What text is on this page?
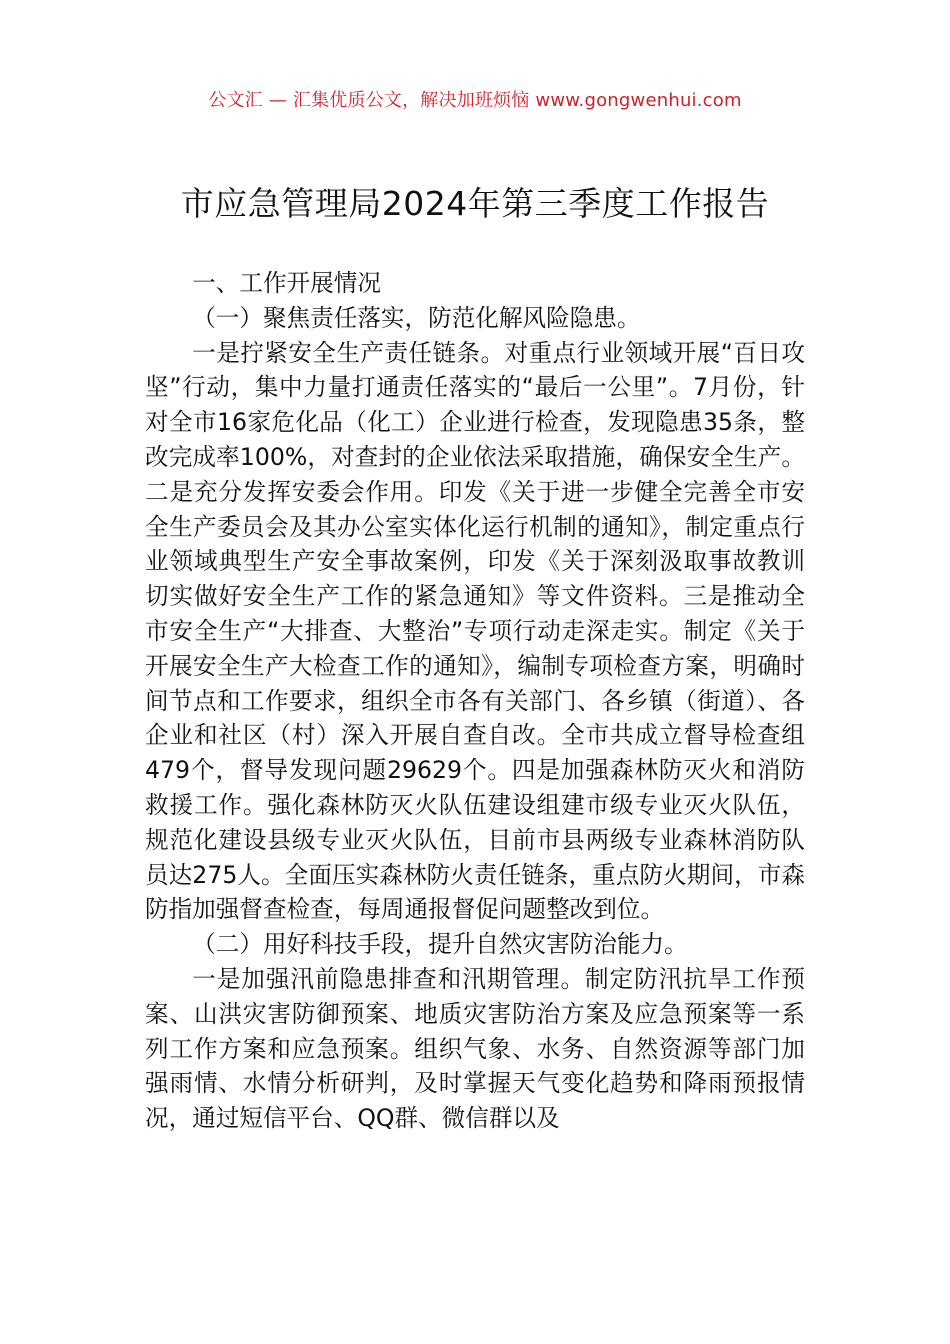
公文汇 — 汇集优质公文，解决加班烦恼 www.gongwenhui.com
市应急管理局2024年第三季度工作报告

一、工作开展情况

（一）聚焦责任落实，防范化解风险隐患。

一是拧紧安全生产责任链条。对重点行业领域开展“百日攻坚”行动，集中力量打通责任落实的“最后一公里”。7月份，针对全市16家危化品（化工）企业进行检查，发现隐患35条，整改完成率100%，对查封的企业依法采取措施，确保安全生产。二是充分发挥安委会作用。印发《关于进一步健全完善全市安全生产委员会及其办公室实体化运行机制的通知》，制定重点行业领域典型生产安全事故案例，印发《关于深刻汲取事故教训切实做好安全生产工作的紧急通知》等文件资料。三是推动全市安全生产“大排查、大整治”专项行动走深走实。制定《关于开展安全生产大检查工作的通知》，编制专项检查方案，明确时间节点和工作要求，组织全市各有关部门、各乡镇（街道）、各企业和社区（村）深入开展自查自改。全市共成立督导检查组479个，督导发现问题29629个。四是加强森林防灭火和消防救援工作。强化森林防灭火队伍建设组建市级专业灭火队伍，规范化建设县级专业灭火队伍，目前市县两级专业森林消防队员达275人。全面压实森林防火责任链条，重点防火期间，市森防指加强督查检查，每周通报督促问题整改到位。

（二）用好科技手段，提升自然灾害防治能力。

一是加强汛前隐患排查和汛期管理。制定防汛抗旱工作预案、山洪灾害防御预案、地质灾害防治方案及应急预案等一系列工作方案和应急预案。组织气象、水务、自然资源等部门加强雨情、水情分析研判，及时掌握天气变化趋势和降雨预报情况，通过短信平台、QQ群、微信群以及
